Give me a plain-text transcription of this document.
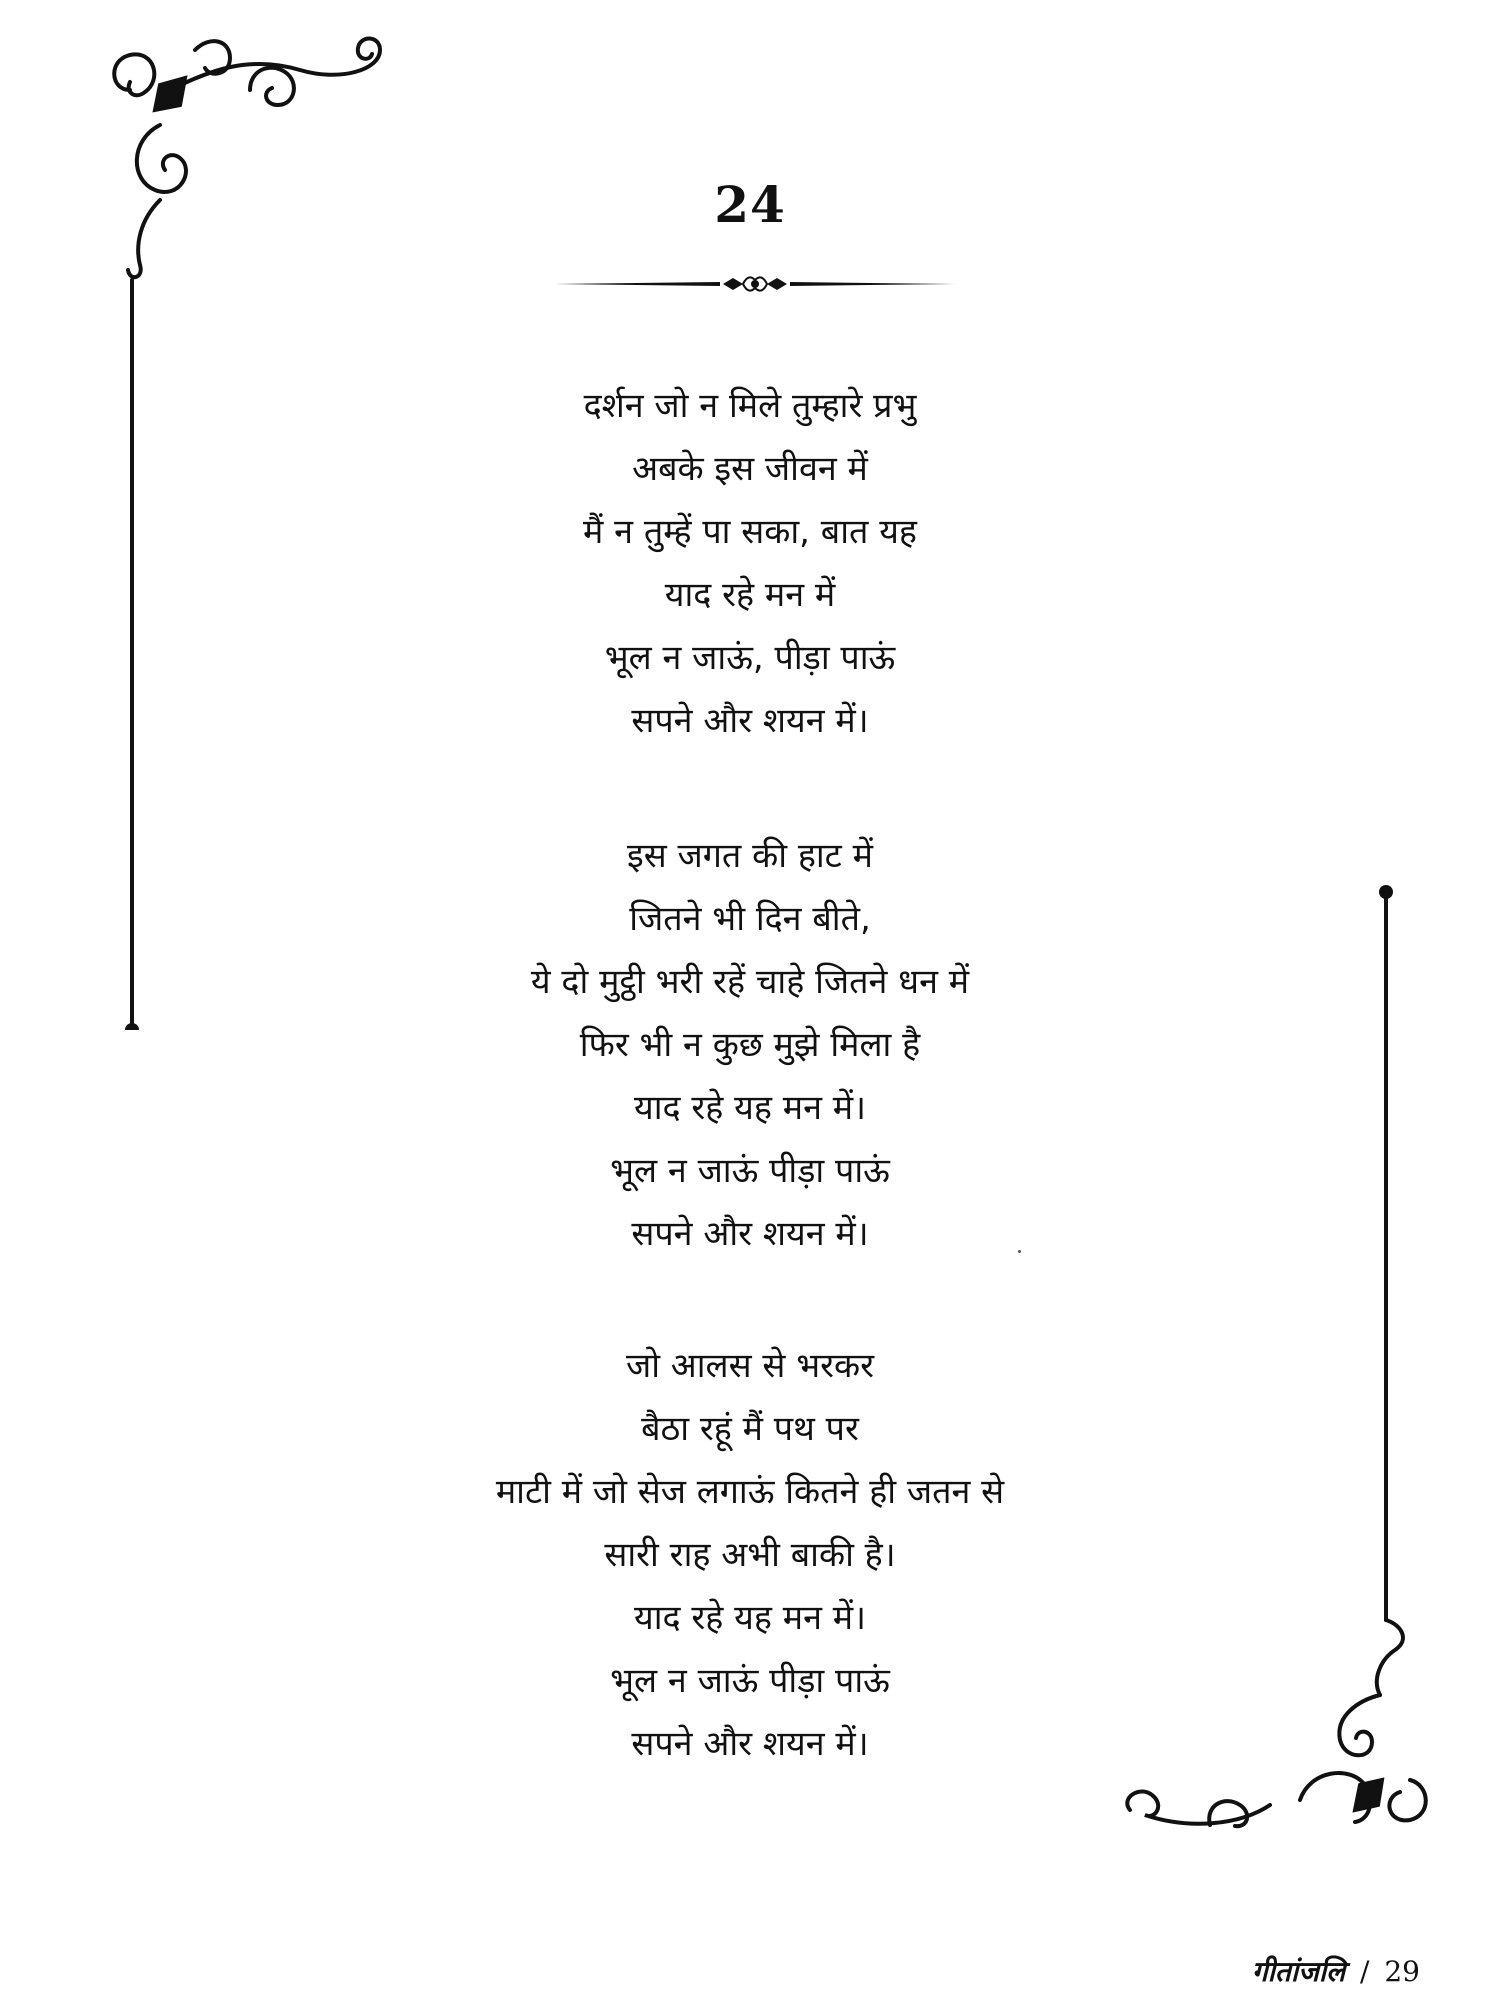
24
दर्शन जो न मिले तुम्हारे प्रभु
अबके इस जीवन में
मैं न तुम्हें पा सका, बात यह
याद रहे मन में
भूल न जाऊं, पीड़ा पाऊं
सपने और शयन में।
इस जगत की हाट में
जितने भी दिन बीते,
ये दो मुट्ठी भरी रहें चाहे जितने धन में
फिर भी न कुछ मुझे मिला है
याद रहे यह मन में।
भूल न जाऊं पीड़ा पाऊं
सपने और शयन में।
जो आलस से भरकर
बैठा रहूं मैं पथ पर
माटी में जो सेज लगाऊं कितने ही जतन से
सारी राह अभी बाकी है।
याद रहे यह मन में।
भूल न जाऊं पीड़ा पाऊं
सपने और शयन में।
गीतांजलि / 29
